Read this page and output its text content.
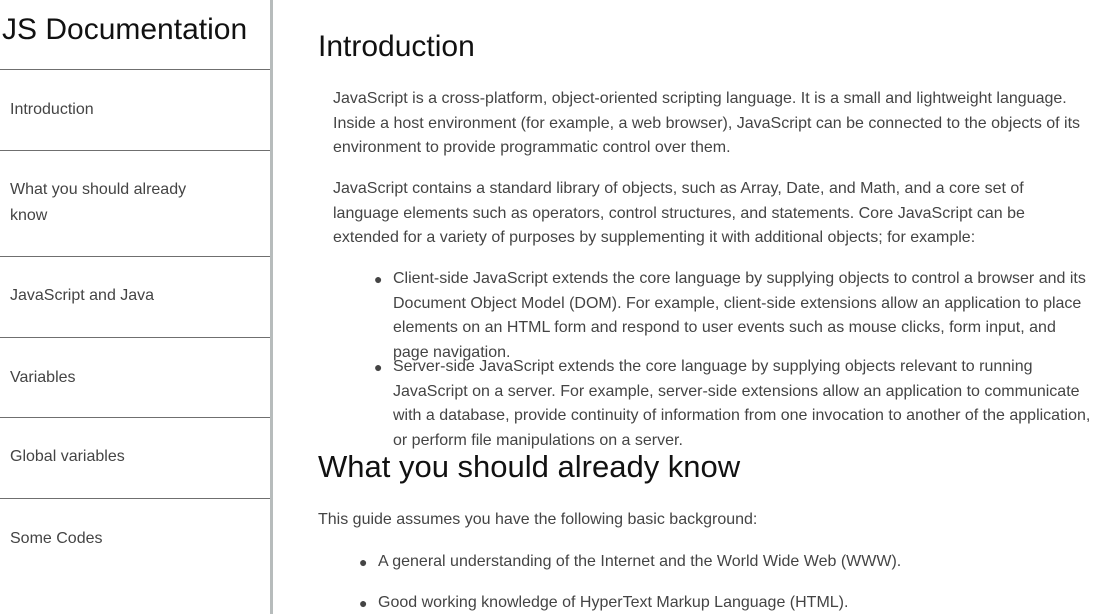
JS Documentation
Introduction
What you should already know
JavaScript and Java
Variables
Global variables
Some Codes
Introduction

JavaScript is a cross-platform, object-oriented scripting language. It is a small and lightweight language. Inside a host environment (for example, a web browser), JavaScript can be connected to the objects of its environment to provide programmatic control over them.

JavaScript contains a standard library of objects, such as Array, Date, and Math, and a core set of language elements such as operators, control structures, and statements. Core JavaScript can be extended for a variety of purposes by supplementing it with additional objects; for example:

● Client-side JavaScript extends the core language by supplying objects to control a browser and its Document Object Model (DOM). For example, client-side extensions allow an application to place elements on an HTML form and respond to user events such as mouse clicks, form input, and page navigation.
● Server-side JavaScript extends the core language by supplying objects relevant to running JavaScript on a server. For example, server-side extensions allow an application to communicate with a database, provide continuity of information from one invocation to another of the application, or perform file manipulations on a server.
What you should already know

This guide assumes you have the following basic background:

● A general understanding of the Internet and the World Wide Web (WWW).
● Good working knowledge of HyperText Markup Language (HTML).
